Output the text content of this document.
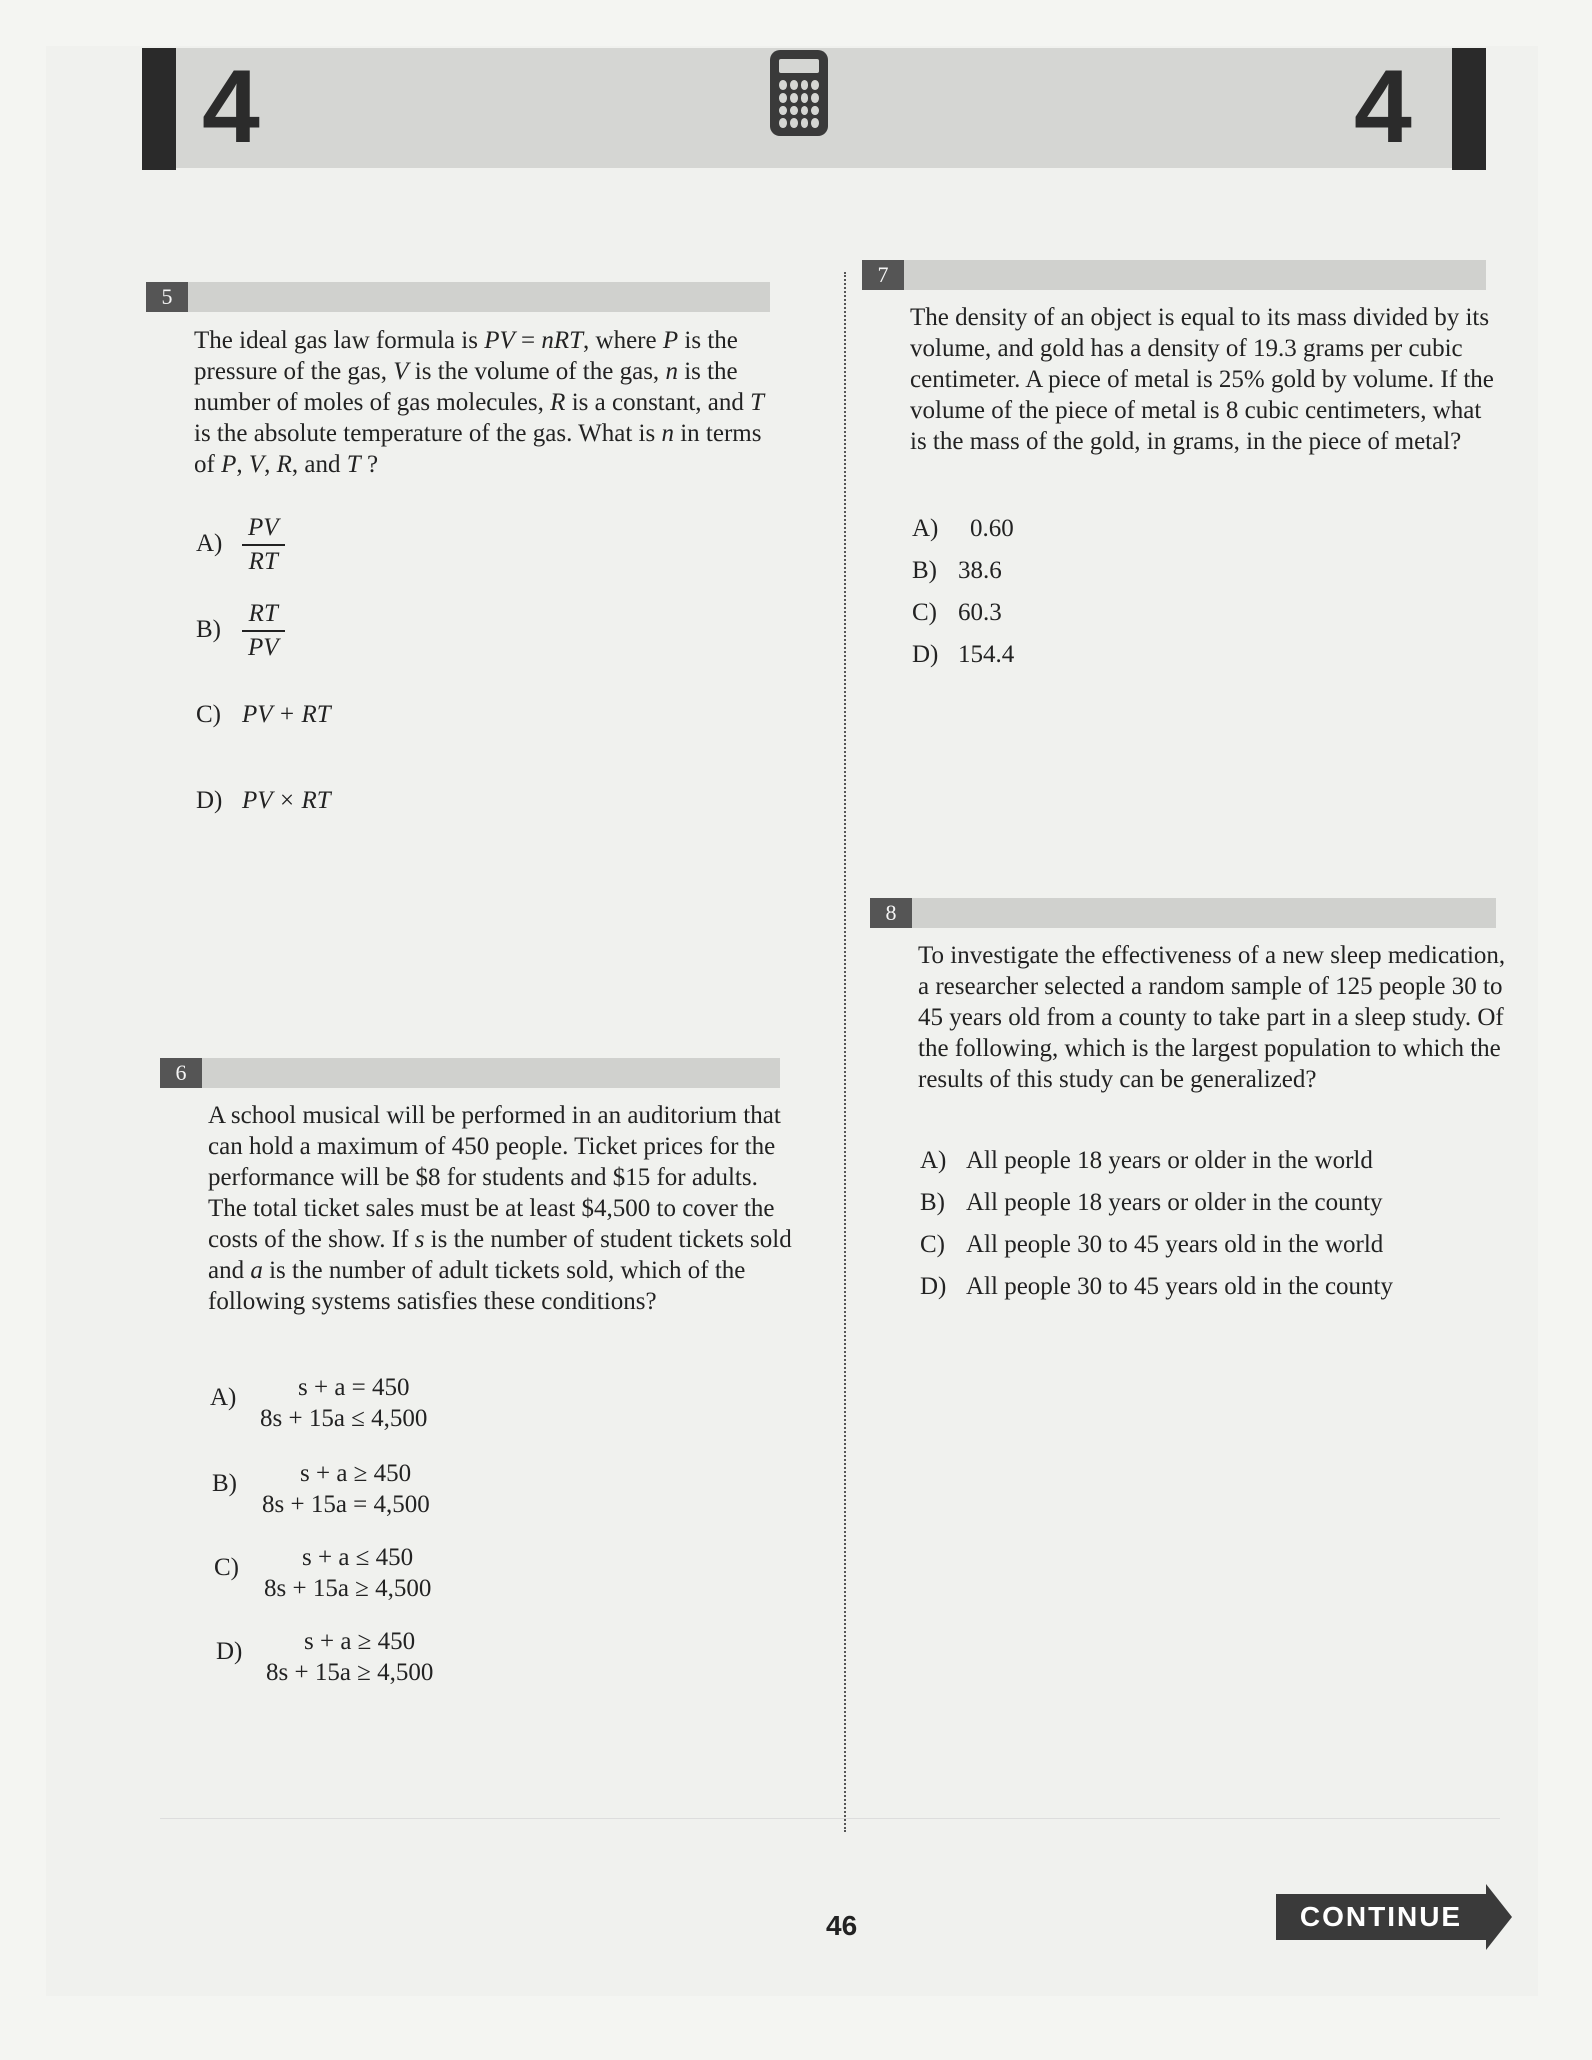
4	4
5
The ideal gas law formula is PV = nRT, where P is the pressure of the gas, V is the volume of the gas, n is the number of moles of gas molecules, R is a constant, and T is the absolute temperature of the gas. What is n in terms of P, V, R, and T ?
$A) \frac{PV}{RT}$
$B) \frac{RT}{PV}$
C) PV + RT
D) PV × RT
6
A school musical will be performed in an auditorium that can hold a maximum of 450 people. Ticket prices for the performance will be $8 for students and $15 for adults. The total ticket sales must be at least $4,500 to cover the costs of the show. If s is the number of student tickets sold and a is the number of adult tickets sold, which of the following systems satisfies these conditions?
A)	s + a = 450
8s + 15a ≤ 4,500
B)	s + a ≥ 450
8s + 15a = 4,500
C)	s + a ≤ 450
8s + 15a ≥ 4,500
D)	s + a ≥ 450
8s + 15a ≥ 4,500
7
The density of an object is equal to its mass divided by its volume, and gold has a density of 19.3 grams per cubic centimeter. A piece of metal is 25% gold by volume. If the volume of the piece of metal is 8 cubic centimeters, what is the mass of the gold, in grams, in the piece of metal?
A) 0.60
B) 38.6
C) 60.3
D) 154.4
8
To investigate the effectiveness of a new sleep medication, a researcher selected a random sample of 125 people 30 to 45 years old from a county to take part in a sleep study. Of the following, which is the largest population to which the results of this study can be generalized?
A) All people 18 years or older in the world
B) All people 18 years or older in the county
C) All people 30 to 45 years old in the world
D) All people 30 to 45 years old in the county
46	CONTINUE
